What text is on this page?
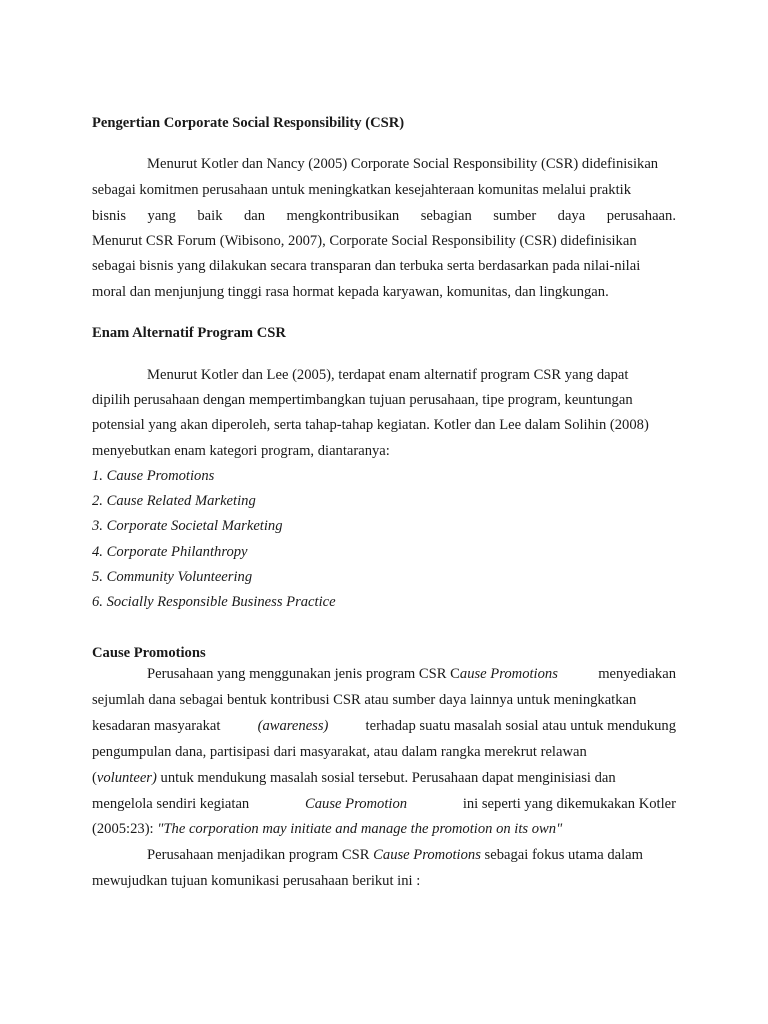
Pengertian Corporate Social Responsibility (CSR)
Menurut Kotler dan Nancy (2005) Corporate Social Responsibility (CSR) didefinisikan
sebagai komitmen perusahaan untuk meningkatkan kesejahteraan komunitas melalui praktik
bisnis yang baik dan mengkontribusikan sebagian sumber daya perusahaan.
Menurut CSR Forum (Wibisono, 2007), Corporate Social Responsibility (CSR) didefinisikan
sebagai bisnis yang dilakukan secara transparan dan terbuka serta berdasarkan pada nilai-nilai
moral dan menjunjung tinggi rasa hormat kepada karyawan, komunitas, dan lingkungan.
Enam Alternatif Program CSR
Menurut Kotler dan Lee (2005), terdapat enam alternatif program CSR yang dapat
dipilih perusahaan dengan mempertimbangkan tujuan perusahaan, tipe program, keuntungan
potensial yang akan diperoleh, serta tahap-tahap kegiatan. Kotler dan Lee dalam Solihin (2008)
menyebutkan enam kategori program, diantaranya:
1. Cause Promotions
2. Cause Related Marketing
3. Corporate Societal Marketing
4. Corporate Philanthropy
5. Community Volunteering
6. Socially Responsible Business Practice
Cause Promotions
Perusahaan yang menggunakan jenis program CSR Cause Promotions	menyediakan
sejumlah dana sebagai bentuk kontribusi CSR atau sumber daya lainnya untuk meningkatkan
kesadaran masyarakat	(awareness)	terhadap suatu masalah sosial atau untuk mendukung
pengumpulan dana, partisipasi dari masyarakat, atau dalam rangka merekrut relawan
(volunteer) untuk mendukung masalah sosial tersebut. Perusahaan dapat menginisiasi dan
mengelola sendiri kegiatan	Cause Promotion	ini seperti yang dikemukakan Kotler
(2005:23): "The corporation may initiate and manage the promotion on its own"
Perusahaan menjadikan program CSR Cause Promotions sebagai fokus utama dalam
mewujudkan tujuan komunikasi perusahaan berikut ini :
